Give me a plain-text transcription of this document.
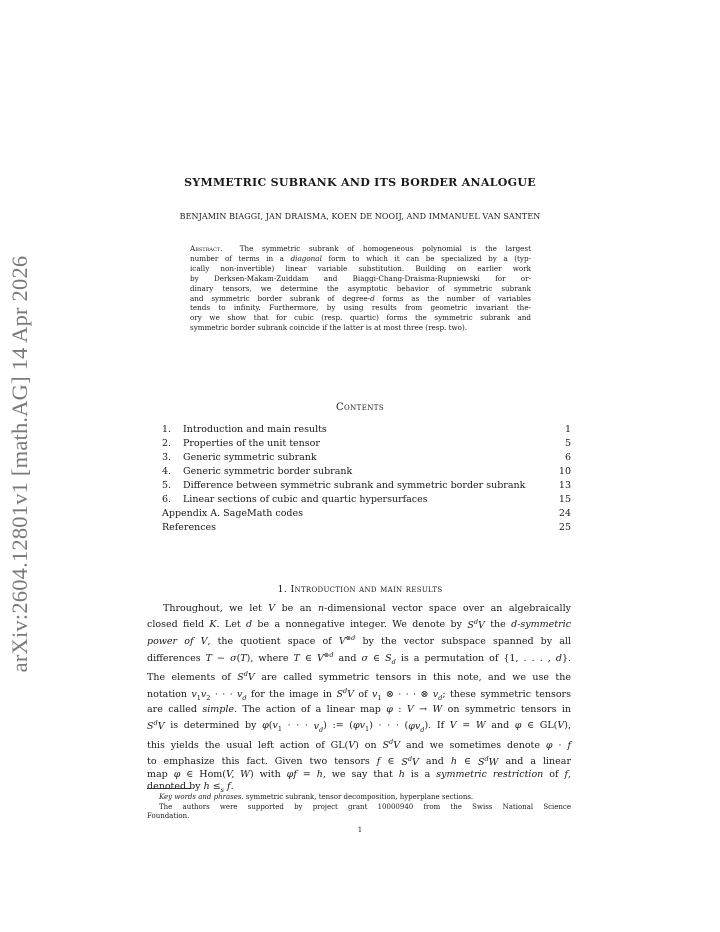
arXiv:2604.12801v1 [math.AG] 14 Apr 2026
SYMMETRIC SUBRANK AND ITS BORDER ANALOGUE
BENJAMIN BIAGGI, JAN DRAISMA, KOEN DE NOOIJ, AND IMMANUEL VAN SANTEN
Abstract. The symmetric subrank of homogeneous polynomial is the largest
number of terms in a diagonal form to which it can be specialized by a (typ-
ically non-invertible) linear variable substitution. Building on earlier work
by Derksen-Makam-Zuiddam and Biaggi-Chang-Draisma-Rupniewski for or-
dinary tensors, we determine the asymptotic behavior of symmetric subrank
and symmetric border subrank of degree-d forms as the number of variables
tends to infinity. Furthermore, by using results from geometric invariant the-
ory we show that for cubic (resp. quartic) forms the symmetric subrank and
symmetric border subrank coincide if the latter is at most three (resp. two).
Contents
1. Introduction and main results	1
2. Properties of the unit tensor	5
3. Generic symmetric subrank	6
4. Generic symmetric border subrank	10
5. Difference between symmetric subrank and symmetric border subrank	13
6. Linear sections of cubic and quartic hypersurfaces	15
Appendix A. SageMath codes	24
References	25
1. Introduction and main results
Throughout, we let V be an n-dimensional vector space over an algebraically
closed field K. Let d be a nonnegative integer. We denote by $S^dV$ the d-symmetric
power of V, the quotient space of $V^{\otimes d}$ by the vector subspace spanned by all
differences T − σ(T), where T ∈ $V^{\otimes d}$ and σ ∈ $S_d$ is a permutation of {1, . . . , d}.
The elements of $S^dV$ are called symmetric tensors in this note, and we use the
notation $v_1v_2$ · · · $v_d$ for the image in $S^dV$ of $v_1$ ⊗ · · · ⊗ $v_d$; these symmetric tensors
are called simple. The action of a linear map φ : V → W on symmetric tensors in
$S^dV$ is determined by $\varphi(v_1$ · · · $v_d$) := $(\varphi v_1)$ · · · $(\varphi v_d)$. If V = W and φ ∈ GL(V),
this yields the usual left action of GL(V) on $S^dV$ and we sometimes denote φ · f
to emphasize this fact. Given two tensors f ∈ $S^dV$ and h ∈ $S^dW$ and a linear
map φ ∈ Hom(V, W) with φf = h, we say that h is a symmetric restriction of f,
denoted by $h \le_s$ f.
Key words and phrases. symmetric subrank, tensor decomposition, hyperplane sections.
The authors were supported by project grant 10000940 from the Swiss National Science
Foundation.
1
